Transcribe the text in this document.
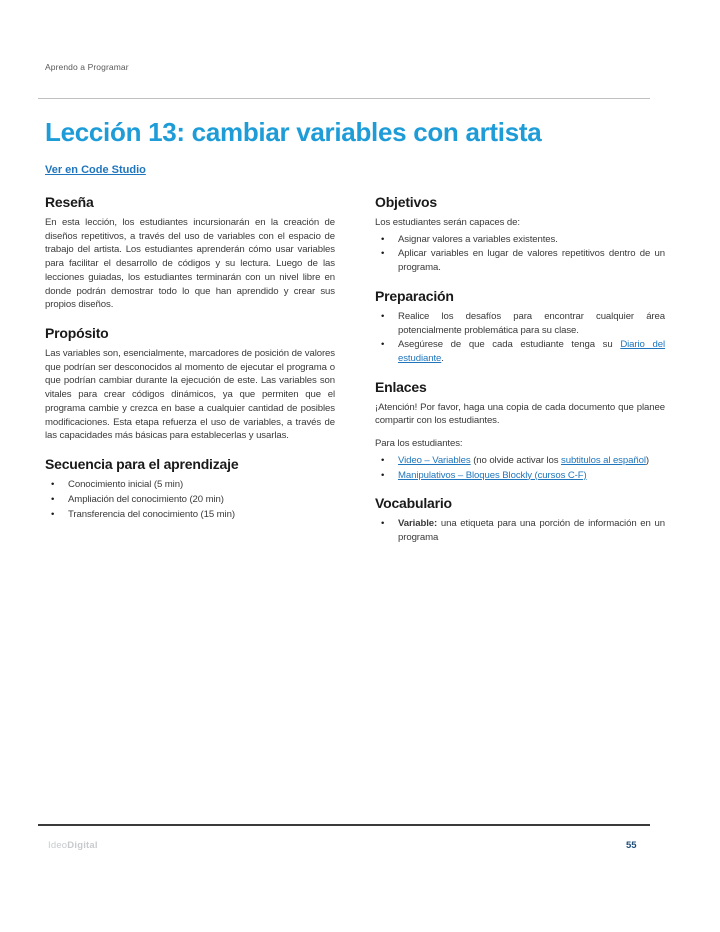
Aprendo a Programar
Lección 13: cambiar variables con artista
Ver en Code Studio
Reseña

En esta lección, los estudiantes incursionarán en la creación de diseños repetitivos, a través del uso de variables con el espacio de trabajo del artista. Los estudiantes aprenderán cómo usar variables para facilitar el desarrollo de códigos y su lectura. Luego de las lecciones guiadas, los estudiantes terminarán con un nivel libre en donde podrán demostrar todo lo que han aprendido y crear sus propios diseños.

Propósito

Las variables son, esencialmente, marcadores de posición de valores que podrían ser desconocidos al momento de ejecutar el programa o que podrían cambiar durante la ejecución de este. Las variables son vitales para crear códigos dinámicos, ya que permiten que el programa cambie y crezca en base a cualquier cantidad de posibles modificaciones. Esta etapa refuerza el uso de variables, a través de las capacidades más básicas para establecerlas y usarlas.

Secuencia para el aprendizaje
• Conocimiento inicial (5 min)
• Ampliación del conocimiento (20 min)
• Transferencia del conocimiento (15 min)
Objetivos

Los estudiantes serán capaces de:

• Asignar valores a variables existentes.
• Aplicar variables en lugar de valores repetitivos dentro de un programa.
Preparación
• Realice los desafíos para encontrar cualquier área potencialmente problemática para su clase.
• Asegúrese de que cada estudiante tenga su Diario del estudiante.
Enlaces

¡Atención! Por favor, haga una copia de cada documento que planee compartir con los estudiantes.

Para los estudiantes:

• Video – Variables (no olvide activar los subtitulos al español)
• Manipulativos – Bloques Blockly (cursos C-F)
Vocabulario
• Variable: una etiqueta para una porción de información en un programa
IdeoDigital	55
